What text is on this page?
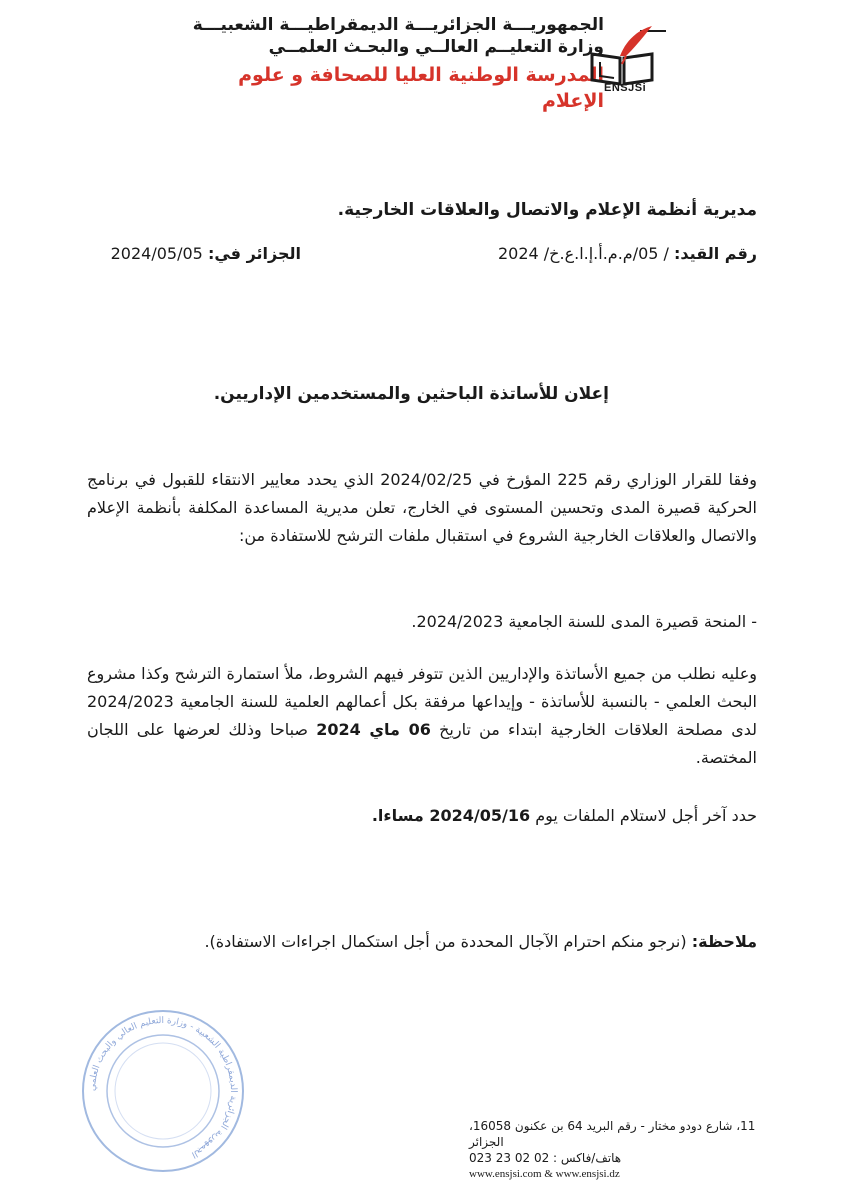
الجمهوريـــة الجزائريـــة الديمقراطيـــة الشعبيـــة
وزارة التعليــم العالــي والبحـث العلمــي
المدرسة الوطنية العليا للصحافة و علوم الإعلام
ENSJSi
مديرية أنظمة الإعلام والاتصال والعلاقات الخارجية.
رقم القيد: / 05/م.م.أ.إ.ا.ع.خ/ 2024
الجزائر في: 2024/05/05
إعلان للأساتذة الباحثين والمستخدمين الإداريين.
وفقا للقرار الوزاري رقم 225 المؤرخ في 2024/02/25 الذي يحدد معايير الانتقاء للقبول في برنامج الحركية قصيرة المدى وتحسين المستوى في الخارج، تعلن مديرية المساعدة المكلفة بأنظمة الإعلام والاتصال والعلاقات الخارجية الشروع في استقبال ملفات الترشح للاستفادة من:
- المنحة قصيرة المدى للسنة الجامعية 2024/2023.
وعليه نطلب من جميع الأساتذة والإداريين الذين تتوفر فيهم الشروط، ملأ استمارة الترشح وكذا مشروع البحث العلمي - بالنسبة للأساتذة - وإيداعها مرفقة بكل أعمالهم العلمية للسنة الجامعية 2024/2023 لدى مصلحة العلاقات الخارجية ابتداء من تاريخ 06 ماي 2024 صباحا وذلك لعرضها على اللجان المختصة.
حدد آخر أجل لاستلام الملفات يوم 2024/05/16 مساءا.
ملاحظة: (نرجو منكم احترام الآجال المحددة من أجل استكمال اجراءات الاستفادة).
الجمهورية الجزائرية الديمقراطية الشعبية - وزارة التعليم العالي والبحث العلمي
11، شارع دودو مختار - رقم البريد 64 بن عكنون 16058، الجزائر
هاتف/فاكس : 02 02 23 023
www.ensjsi.com & www.ensjsi.dz
